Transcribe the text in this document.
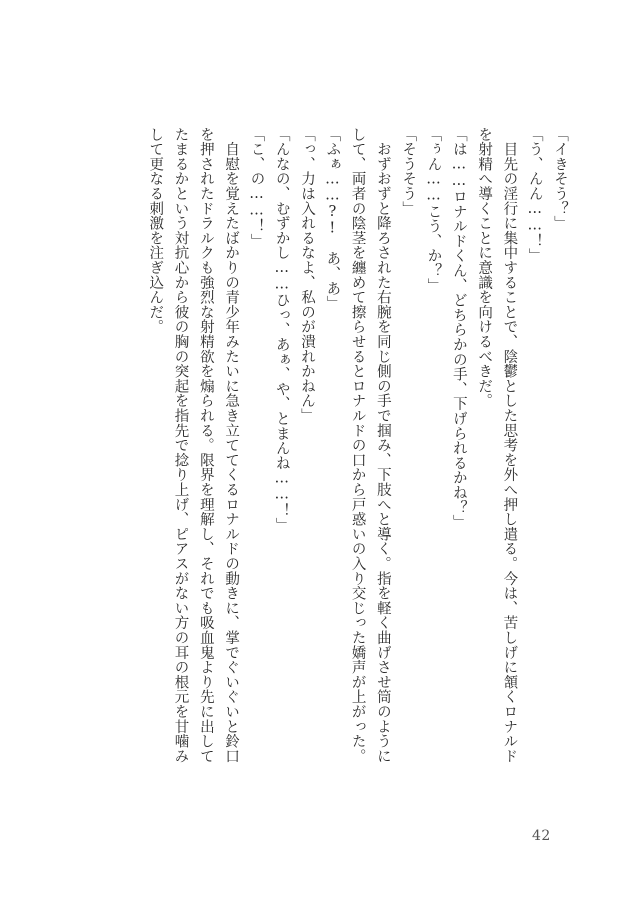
「イきそう？」
「う、んん……！」
　目先の淫行に集中することで、陰鬱とした思考を外へ押し遣る。今は、苦しげに頷くロナルド
を射精へ導くことに意識を向けるべきだ。
「は……ロナルドくん、どちらかの手、下げられるかね？」
「ぅん……こう、か？」
「そうそう」
　おずおずと降ろされた右腕を同じ側の手で掴み、下肢へと導く。指を軽く曲げさせ筒のように
して、両者の陰茎を纏めて擦らせるとロナルドの口から戸惑いの入り交じった嬌声が上がった。
「ふぁ……?!　あ、あ」
「っ、力は入れるなよ、私のが潰れかねん」
「んなの、むずかし……ひっ、あぁ、や、とまんね……！」
「こ、の……！」
　自慰を覚えたばかりの青少年みたいに急き立ててくるロナルドの動きに、掌でぐいぐいと鈴口
を押されたドラルクも強烈な射精欲を煽られる。限界を理解し、それでも吸血鬼より先に出して
たまるかという対抗心から彼の胸の突起を指先で捻り上げ、ピアスがない方の耳の根元を甘噛み
して更なる刺激を注ぎ込んだ。
42
